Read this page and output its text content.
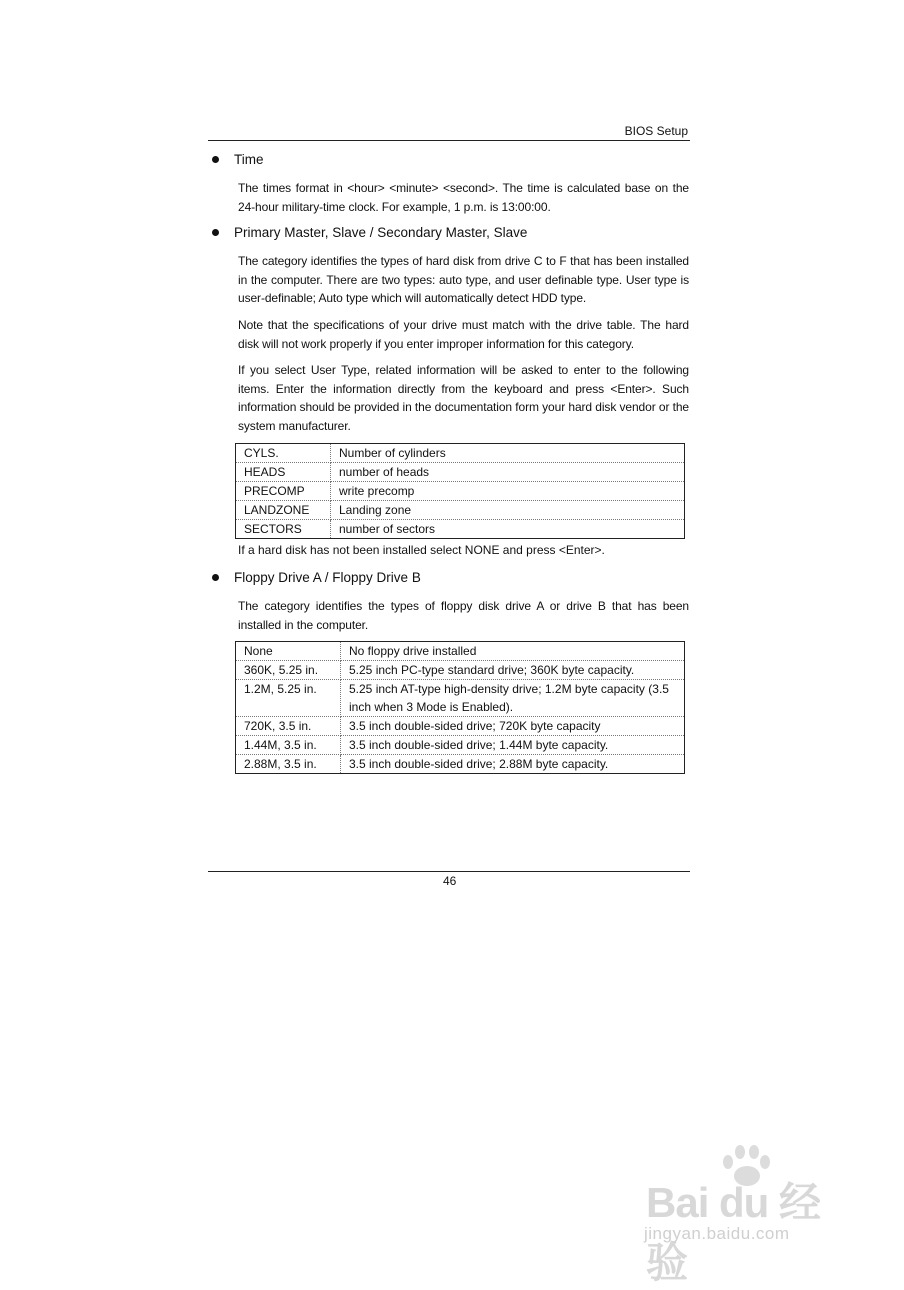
BIOS Setup
Time

The times format in <hour> <minute> <second>. The time is calculated base on the 24-hour military-time clock. For example, 1 p.m. is 13:00:00.

Primary Master, Slave / Secondary Master, Slave

The category identifies the types of hard disk from drive C to F that has been installed in the computer. There are two types: auto type, and user definable type. User type is user-definable; Auto type which will automatically detect HDD type.

Note that the specifications of your drive must match with the drive table. The hard disk will not work properly if you enter improper information for this category.

If you select User Type, related information will be asked to enter to the following items. Enter the information directly from the keyboard and press <Enter>. Such information should be provided in the documentation form your hard disk vendor or the system manufacturer.

CYLS.	Number of cylinders
HEADS	number of heads
PRECOMP	write precomp
LANDZONE	Landing zone
SECTORS	number of sectors
If a hard disk has not been installed select NONE and press <Enter>.
Floppy Drive A / Floppy Drive B

The category identifies the types of floppy disk drive A or drive B that has been installed in the computer.

None	No floppy drive installed
360K, 5.25 in.	5.25 inch PC-type standard drive; 360K byte capacity.
1.2M, 5.25 in.	5.25 inch AT-type high-density drive; 1.2M byte capacity (3.5 inch when 3 Mode is Enabled).
720K, 3.5 in.	3.5 inch double-sided drive; 720K byte capacity
1.44M, 3.5 in.	3.5 inch double-sided drive; 1.44M byte capacity.
2.88M, 3.5 in.	3.5 inch double-sided drive; 2.88M byte capacity.
46
Bai du 经验
jingyan.baidu.com
